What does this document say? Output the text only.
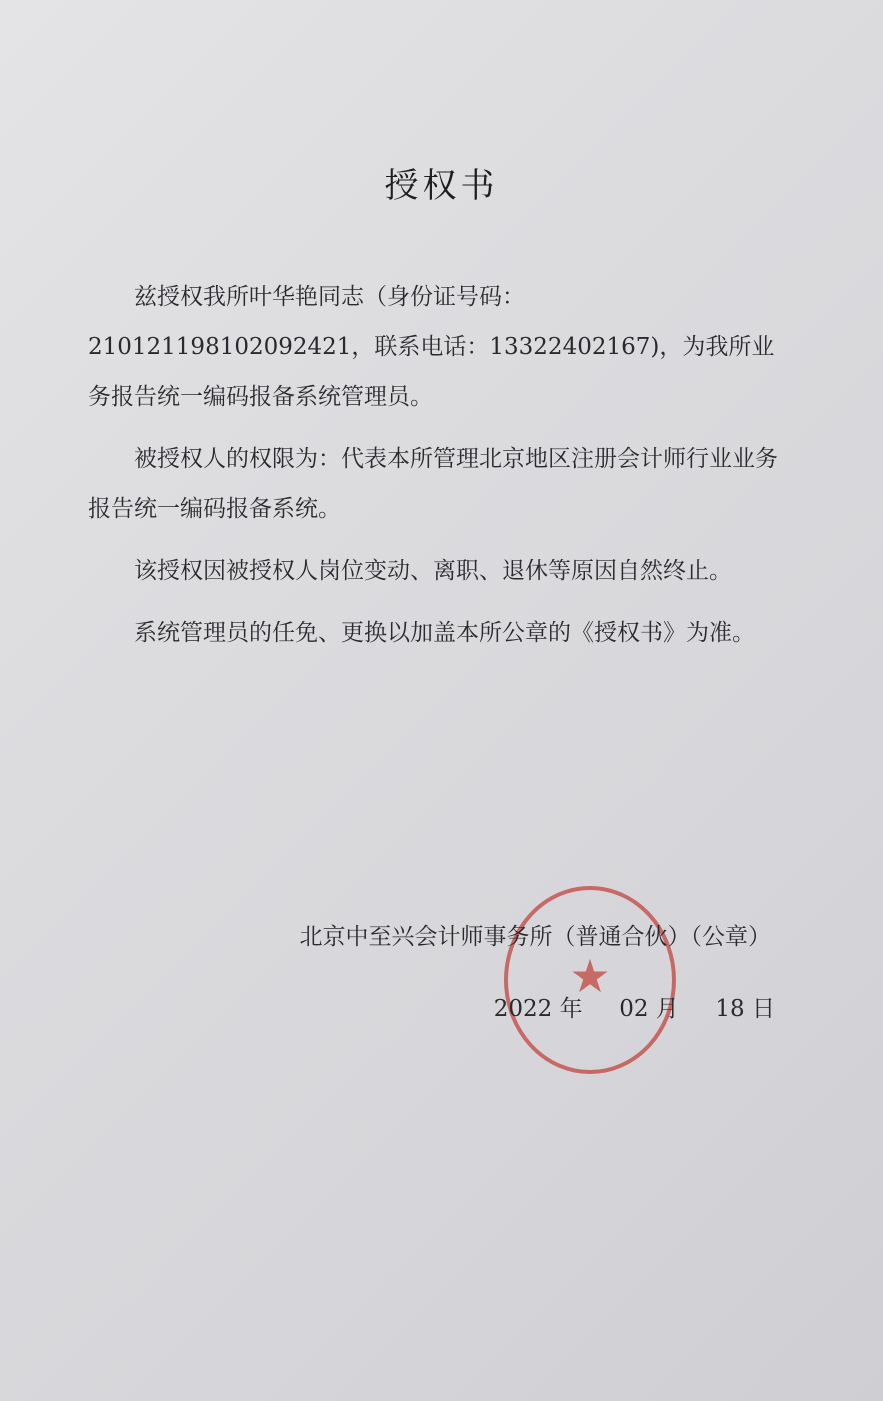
授权书

兹授权我所叶华艳同志（身份证号码：
210121198102092421，联系电话：13322402167)，为我所业
务报告统一编码报备系统管理员。

被授权人的权限为：代表本所管理北京地区注册会计师行业业务报告统一编码报备系统。

该授权因被授权人岗位变动、离职、退休等原因自然终止。

系统管理员的任免、更换以加盖本所公章的《授权书》为准。

★
北京中至兴会计师事务所（普通合伙）（公章）
2022 年 02 月 18 日
